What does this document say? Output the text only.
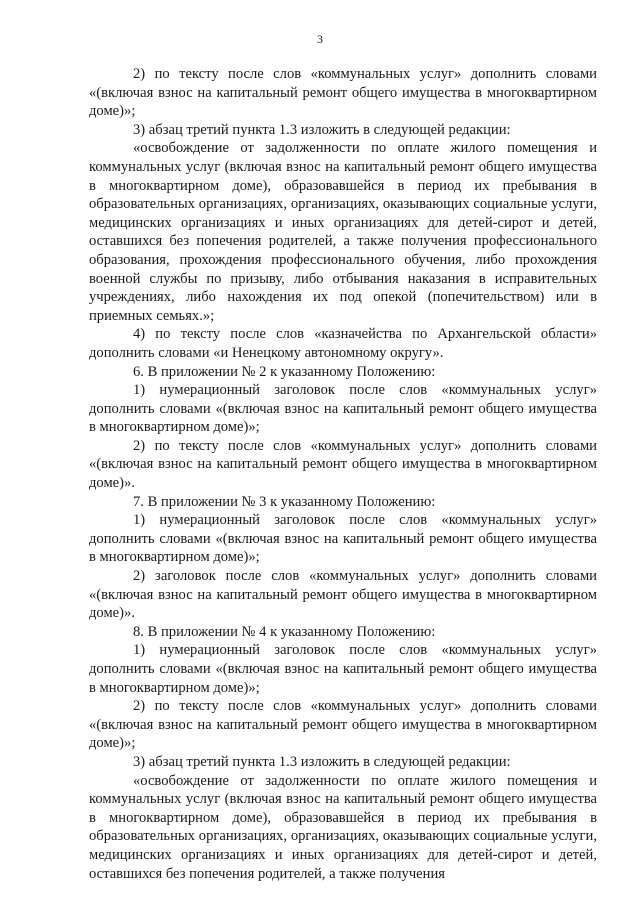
3

2) по тексту после слов «коммунальных услуг» дополнить словами «(включая взнос на капитальный ремонт общего имущества в многоквартирном доме)»;

3) абзац третий пункта 1.3 изложить в следующей редакции:

«освобождение от задолженности по оплате жилого помещения и коммунальных услуг (включая взнос на капитальный ремонт общего имущества в многоквартирном доме), образовавшейся в период их пребывания в образовательных организациях, организациях, оказывающих социальные услуги, медицинских организациях и иных организациях для детей-сирот и детей, оставшихся без попечения родителей, а также получения профессионального образования, прохождения профессионального обучения, либо прохождения военной службы по призыву, либо отбывания наказания в исправительных учреждениях, либо нахождения их под опекой (попечительством) или в приемных семьях.»;

4) по тексту после слов «казначейства по Архангельской области» дополнить словами «и Ненецкому автономному округу».

6. В приложении № 2 к указанному Положению:

1) нумерационный заголовок после слов «коммунальных услуг» дополнить словами «(включая взнос на капитальный ремонт общего имущества в многоквартирном доме)»;

2) по тексту после слов «коммунальных услуг» дополнить словами «(включая взнос на капитальный ремонт общего имущества в многоквартирном доме)».

7. В приложении № 3 к указанному Положению:

1) нумерационный заголовок после слов «коммунальных услуг» дополнить словами «(включая взнос на капитальный ремонт общего имущества в многоквартирном доме)»;

2) заголовок после слов «коммунальных услуг» дополнить словами «(включая взнос на капитальный ремонт общего имущества в многоквартирном доме)».

8. В приложении № 4 к указанному Положению:

1) нумерационный заголовок после слов «коммунальных услуг» дополнить словами «(включая взнос на капитальный ремонт общего имущества в многоквартирном доме)»;

2) по тексту после слов «коммунальных услуг» дополнить словами «(включая взнос на капитальный ремонт общего имущества в многоквартирном доме)»;

3) абзац третий пункта 1.3 изложить в следующей редакции:

«освобождение от задолженности по оплате жилого помещения и коммунальных услуг (включая взнос на капитальный ремонт общего имущества в многоквартирном доме), образовавшейся в период их пребывания в образовательных организациях, организациях, оказывающих социальные услуги, медицинских организациях и иных организациях для детей-сирот и детей, оставшихся без попечения родителей, а также получения
